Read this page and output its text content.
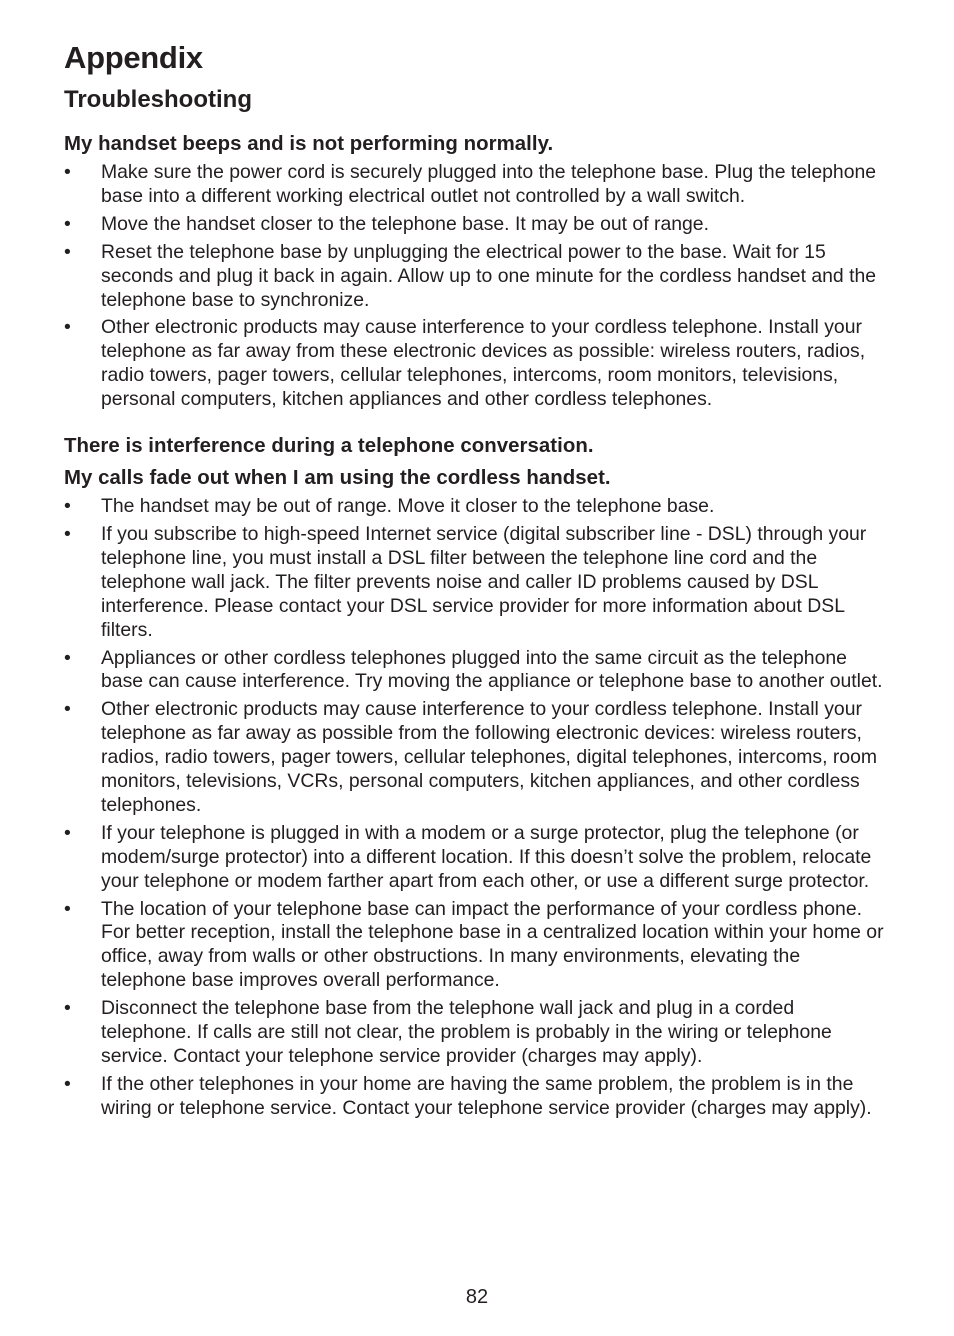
Appendix
Troubleshooting
My handset beeps and is not performing normally.
• Make sure the power cord is securely plugged into the telephone base. Plug the telephone base into a different working electrical outlet not controlled by a wall switch.
• Move the handset closer to the telephone base. It may be out of range.
• Reset the telephone base by unplugging the electrical power to the base. Wait for 15 seconds and plug it back in again. Allow up to one minute for the cordless handset and the telephone base to synchronize.
• Other electronic products may cause interference to your cordless telephone. Install your telephone as far away from these electronic devices as possible: wireless routers, radios, radio towers, pager towers, cellular telephones, intercoms, room monitors, televisions, personal computers, kitchen appliances and other cordless telephones.
There is interference during a telephone conversation.
My calls fade out when I am using the cordless handset.
• The handset may be out of range. Move it closer to the telephone base.
• If you subscribe to high-speed Internet service (digital subscriber line - DSL) through your telephone line, you must install a DSL filter between the telephone line cord and the telephone wall jack. The filter prevents noise and caller ID problems caused by DSL interference. Please contact your DSL service provider for more information about DSL filters.
• Appliances or other cordless telephones plugged into the same circuit as the telephone base can cause interference. Try moving the appliance or telephone base to another outlet.
• Other electronic products may cause interference to your cordless telephone. Install your telephone as far away as possible from the following electronic devices: wireless routers, radios, radio towers, pager towers, cellular telephones, digital telephones, intercoms, room monitors, televisions, VCRs, personal computers, kitchen appliances, and other cordless telephones.
• If your telephone is plugged in with a modem or a surge protector, plug the telephone (or modem/surge protector) into a different location. If this doesn’t solve the problem, relocate your telephone or modem farther apart from each other, or use a different surge protector.
• The location of your telephone base can impact the performance of your cordless phone. For better reception, install the telephone base in a centralized location within your home or office, away from walls or other obstructions. In many environments, elevating the telephone base improves overall performance.
• Disconnect the telephone base from the telephone wall jack and plug in a corded telephone. If calls are still not clear, the problem is probably in the wiring or telephone service. Contact your telephone service provider (charges may apply).
• If the other telephones in your home are having the same problem, the problem is in the wiring or telephone service. Contact your telephone service provider (charges may apply).
82
